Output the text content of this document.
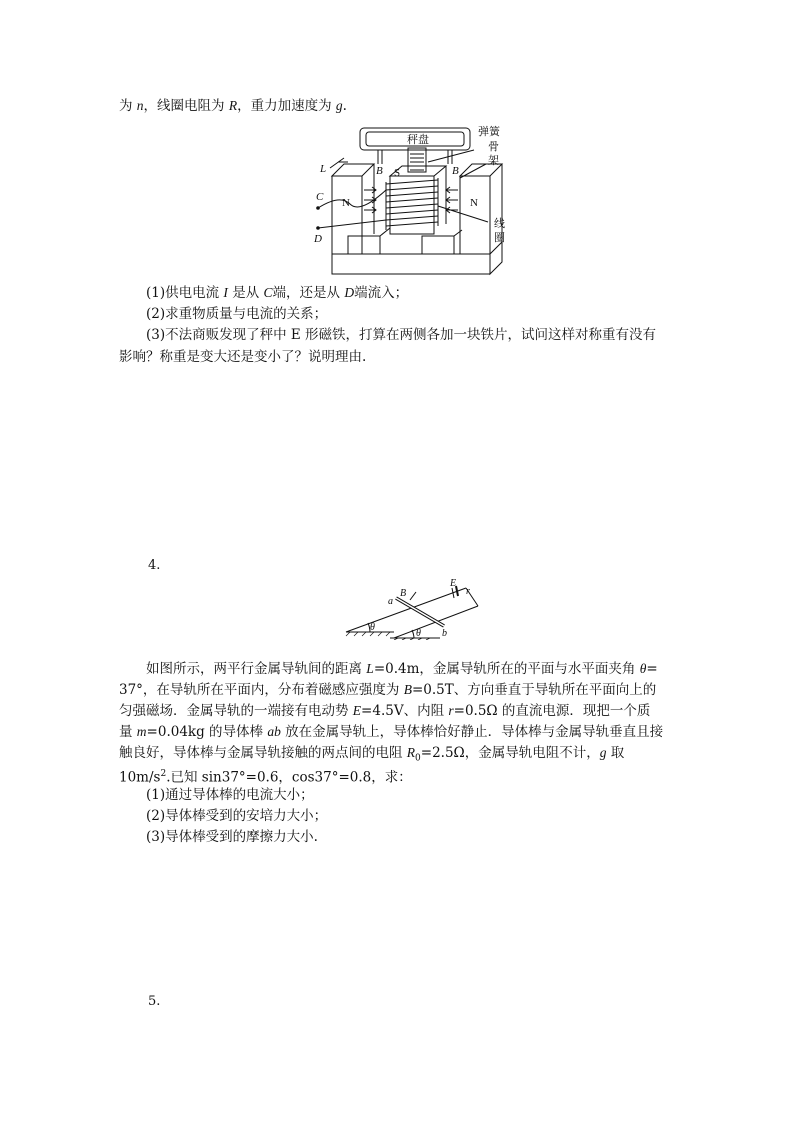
为 n，线圈电阻为 R，重力加速度为 g.
秤盘
弹簧
骨
架
线
圈
L
C
D
B	B
S
N	N
(1)供电电流 I 是从 C端，还是从 D端流入；
(2)求重物质量与电流的关系；
(3)不法商贩发现了秤中 E 形磁铁，打算在两侧各加一块铁片，试问这样对称重有没有
影响？称重是变大还是变小了？说明理由.
4.
B
a
b
E
r
θ
θ
如图所示，两平行金属导轨间的距离 L=0.4m，金属导轨所在的平面与水平面夹角 θ=
37°，在导轨所在平面内，分布着磁感应强度为 B=0.5T、方向垂直于导轨所在平面向上的
匀强磁场．金属导轨的一端接有电动势 E=4.5V、内阻 r=0.5Ω 的直流电源．现把一个质
量 m=0.04kg 的导体棒 ab 放在金属导轨上，导体棒恰好静止．导体棒与金属导轨垂直且接
触良好，导体棒与金属导轨接触的两点间的电阻 $R_0=2.5\Omega$，金属导轨电阻不计，g 取
$10m/s^2$.已知 sin37°=0.6，cos37°=0.8，求：
(1)通过导体棒的电流大小；
(2)导体棒受到的安培力大小；
(3)导体棒受到的摩擦力大小.
5.
